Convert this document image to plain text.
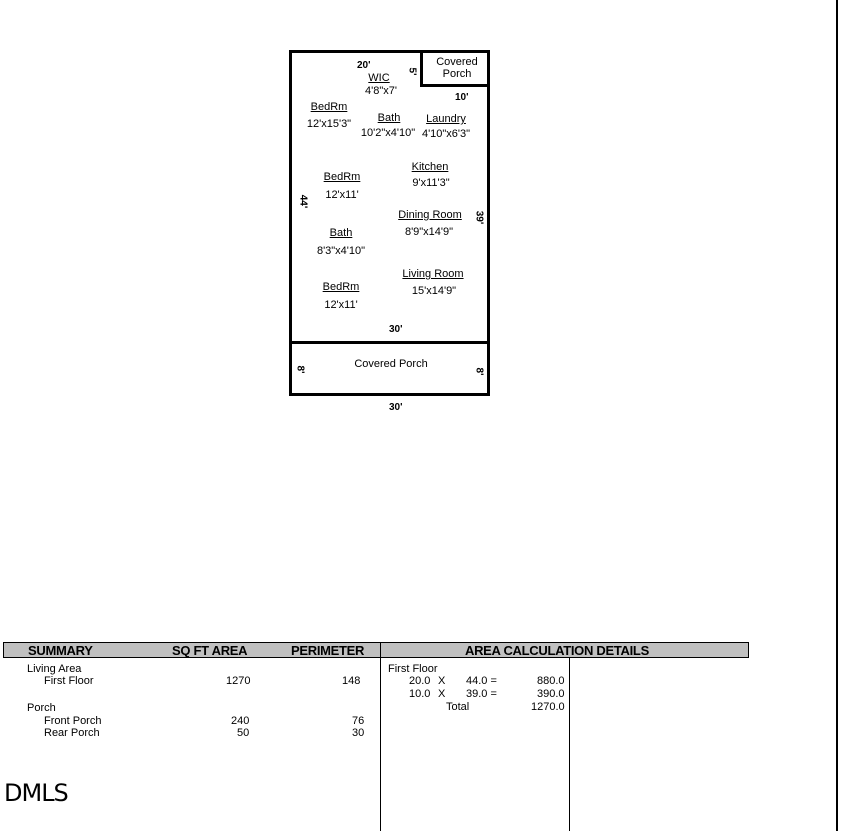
Covered
Porch
20'
5'
10'
WIC
4'8"x7'
BedRm
12'x15'3" Bath
10'2"x4'10"
Laundry
4'10"x6'3"
Kitchen
9'x11'3"
BedRm
12'x11'
44'
39'
Dining Room
8'9"x14'9"
Bath
8'3"x4'10"
Living Room
15'x14'9"
BedRm
12'x11'
30'
Covered Porch
8'	8'
30'
SUMMARY	SQ FT AREA	PERIMETER	AREA CALCULATION DETAILS
Living Area
First Floor	1270	148
Porch
Front Porch	240	76
Rear Porch	50	30
First Floor
20.0 X 44.0 =	880.0
10.0 X 39.0 =	390.0
Total	1270.0
DMLS
